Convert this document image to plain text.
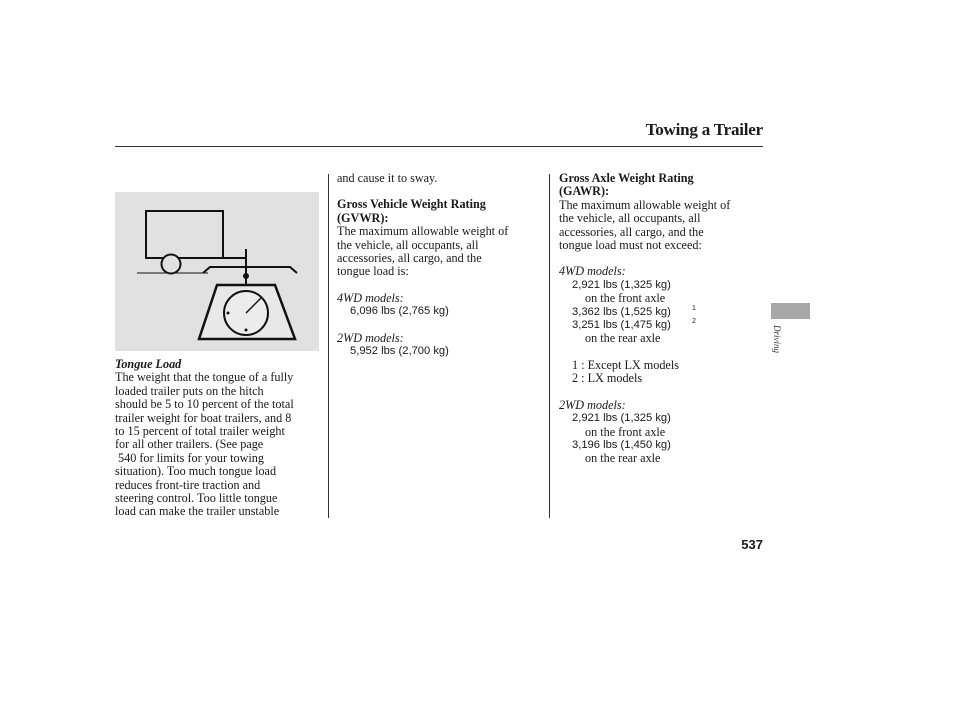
Towing a Trailer

Tongue Load

The weight that the tongue of a fully

loaded trailer puts on the hitch

should be 5 to 10 percent of the total

trailer weight for boat trailers, and 8

to 15 percent of total trailer weight

for all other trailers. (See page

540 for limits for your towing

situation). Too much tongue load

reduces front-tire traction and

steering control. Too little tongue

load can make the trailer unstable

and cause it to sway.

Gross Vehicle Weight Rating

(GVWR):

The maximum allowable weight of

the vehicle, all occupants, all

accessories, all cargo, and the

tongue load is:

4WD models:

6,096 lbs (2,765 kg)

2WD models:

5,952 lbs (2,700 kg)

Gross Axle Weight Rating

(GAWR):

The maximum allowable weight of

the vehicle, all occupants, all

accessories, all cargo, and the

tongue load must not exceed:

4WD models:

2,921 lbs (1,325 kg)

on the front axle

3,362 lbs (1,525 kg)	1

3,251 lbs (1,475 kg)	2

on the rear axle

1 : Except LX models

2 : LX models

2WD models:

2,921 lbs (1,325 kg)

on the front axle

3,196 lbs (1,450 kg)

on the rear axle

Driving
537
